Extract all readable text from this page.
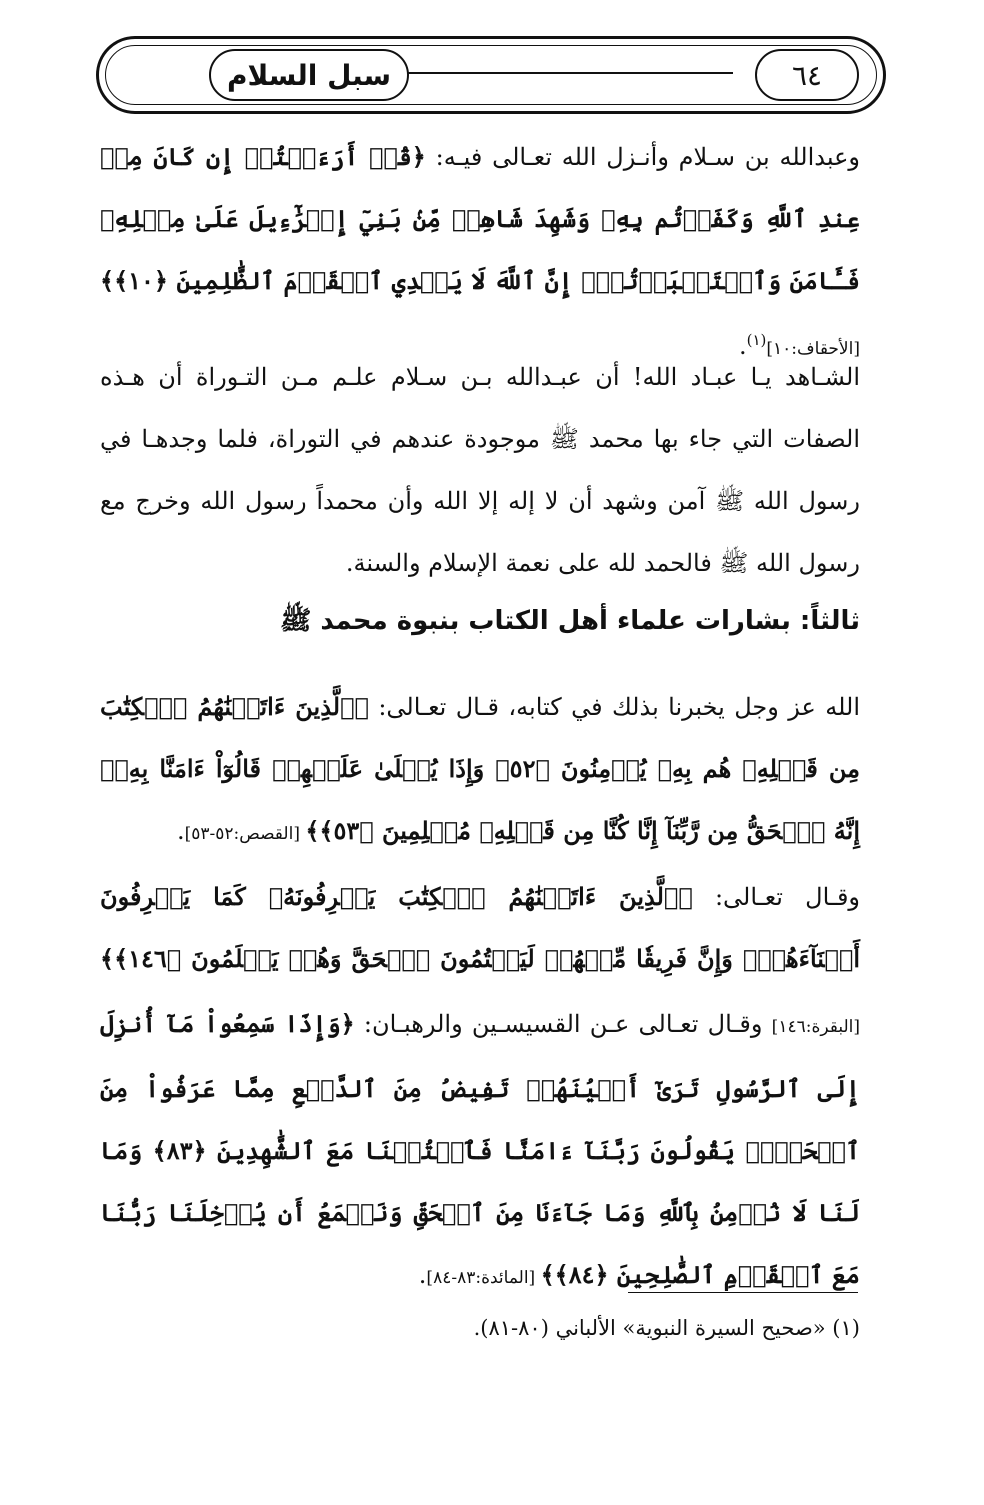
سبل السلام	٦٤

وعبدالله بن سـلام وأنـزل الله تعـالى فيـه: ﴿قُلۡ أَرَءَيۡتُمۡ إِن كَانَ مِنۡ عِندِ ٱللَّهِ وَكَفَرۡتُم بِهِۦ وَشَهِدَ شَاهِدٞ مِّنۢ بَنِيٓ إِسۡرَٰٓءِيلَ عَلَىٰ مِثۡلِهِۦ فَـَٔامَنَ وَٱسۡتَكۡبَرۡتُمۡۚ إِنَّ ٱللَّهَ لَا يَهۡدِي ٱلۡقَوۡمَ ٱلظَّٰلِمِينَ ﴿١٠﴾﴾ [الأحقاف:١٠]$^{(١)}$.

الشـاهد يـا عبـاد الله! أن عبـدالله بـن سـلام علـم مـن التـوراة أن هـذه الصفات التي جاء بها محمد ﷺ موجودة عندهم في التوراة، فلما وجدهـا في رسول الله ﷺ آمن وشهد أن لا إله إلا الله وأن محمداً رسول الله وخرج مع رسول الله ﷺ فالحمد لله على نعمة الإسلام والسنة.

ثالثاً: بشارات علماء أهل الكتاب بنبوة محمد ﷺ

الله عز وجل يخبرنا بذلك في كتابه، قـال تعـالى: ﴿ٱلَّذِينَ ءَاتَيۡنَٰهُمُ ٱلۡكِتَٰبَ مِن قَبۡلِهِۦ هُم بِهِۦ يُؤۡمِنُونَ ﴿٥٢﴾ وَإِذَا يُتۡلَىٰ عَلَيۡهِمۡ قَالُوٓاْ ءَامَنَّا بِهِۦٓ إِنَّهُ ٱلۡحَقُّ مِن رَّبِّنَآ إِنَّا كُنَّا مِن قَبۡلِهِۦ مُسۡلِمِينَ ﴿٥٣﴾﴾ [القصص:٥٢-٥٣].

وقـال تعـالى: ﴿ٱلَّذِينَ ءَاتَيۡنَٰهُمُ ٱلۡكِتَٰبَ يَعۡرِفُونَهُۥ كَمَا يَعۡرِفُونَ أَبۡنَآءَهُمۡۖ وَإِنَّ فَرِيقٗا مِّنۡهُمۡ لَيَكۡتُمُونَ ٱلۡحَقَّ وَهُمۡ يَعۡلَمُونَ ﴿١٤٦﴾﴾ [البقرة:١٤٦] وقـال تعـالى عـن القسيسـين والرهبـان: ﴿وَإِذَا سَمِعُواْ مَآ أُنزِلَ إِلَى ٱلرَّسُولِ تَرَىٰٓ أَعۡيُنَهُمۡ تَفِيضُ مِنَ ٱلدَّمۡعِ مِمَّا عَرَفُواْ مِنَ ٱلۡحَقِّۖ يَقُولُونَ رَبَّنَآ ءَامَنَّا فَٱكۡتُبۡنَا مَعَ ٱلشَّٰهِدِينَ ﴿٨٣﴾ وَمَا لَنَا لَا نُؤۡمِنُ بِٱللَّهِ وَمَا جَآءَنَا مِنَ ٱلۡحَقِّ وَنَطۡمَعُ أَن يُدۡخِلَنَا رَبُّنَا مَعَ ٱلۡقَوۡمِ ٱلصَّٰلِحِينَ ﴿٨٤﴾﴾ [المائدة:٨٣-٨٤].

(١) «صحيح السيرة النبوية» الألباني (٨٠-٨١).
